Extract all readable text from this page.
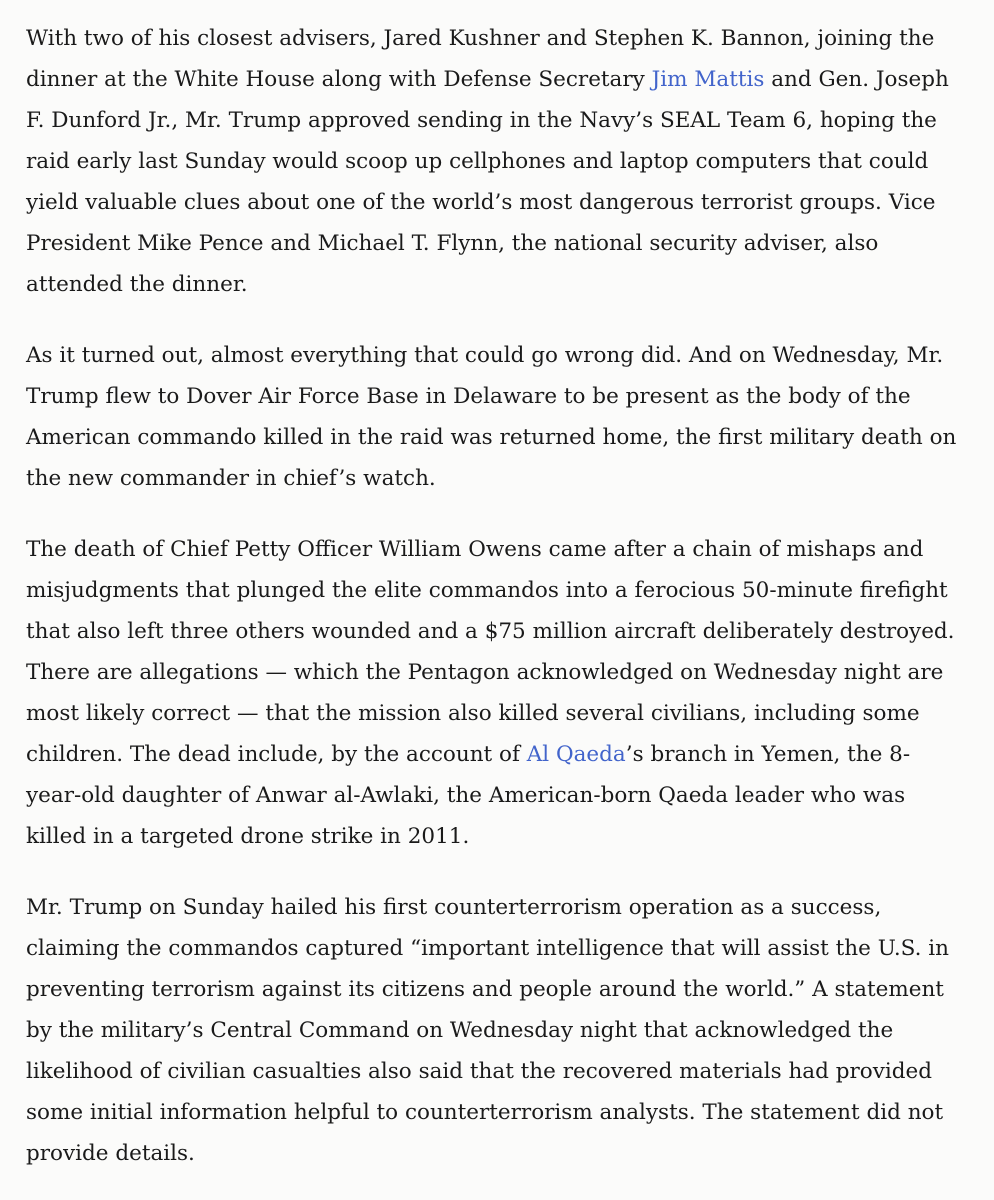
With two of his closest advisers, Jared Kushner and Stephen K. Bannon, joining the dinner at the White House along with Defense Secretary Jim Mattis and Gen. Joseph F. Dunford Jr., Mr. Trump approved sending in the Navy’s SEAL Team 6, hoping the raid early last Sunday would scoop up cellphones and laptop computers that could yield valuable clues about one of the world’s most dangerous terrorist groups. Vice President Mike Pence and Michael T. Flynn, the national security adviser, also attended the dinner.

As it turned out, almost everything that could go wrong did. And on Wednesday, Mr. Trump flew to Dover Air Force Base in Delaware to be present as the body of the American commando killed in the raid was returned home, the first military death on the new commander in chief’s watch.

The death of Chief Petty Officer William Owens came after a chain of mishaps and misjudgments that plunged the elite commandos into a ferocious 50-minute firefight that also left three others wounded and a $75 million aircraft deliberately destroyed. There are allegations — which the Pentagon acknowledged on Wednesday night are most likely correct — that the mission also killed several civilians, including some children. The dead include, by the account of Al Qaeda’s branch in Yemen, the 8-year-old daughter of Anwar al-Awlaki, the American-born Qaeda leader who was killed in a targeted drone strike in 2011.

Mr. Trump on Sunday hailed his first counterterrorism operation as a success, claiming the commandos captured “important intelligence that will assist the U.S. in preventing terrorism against its citizens and people around the world.” A statement by the military’s Central Command on Wednesday night that acknowledged the likelihood of civilian casualties also said that the recovered materials had provided some initial information helpful to counterterrorism analysts. The statement did not provide details.
